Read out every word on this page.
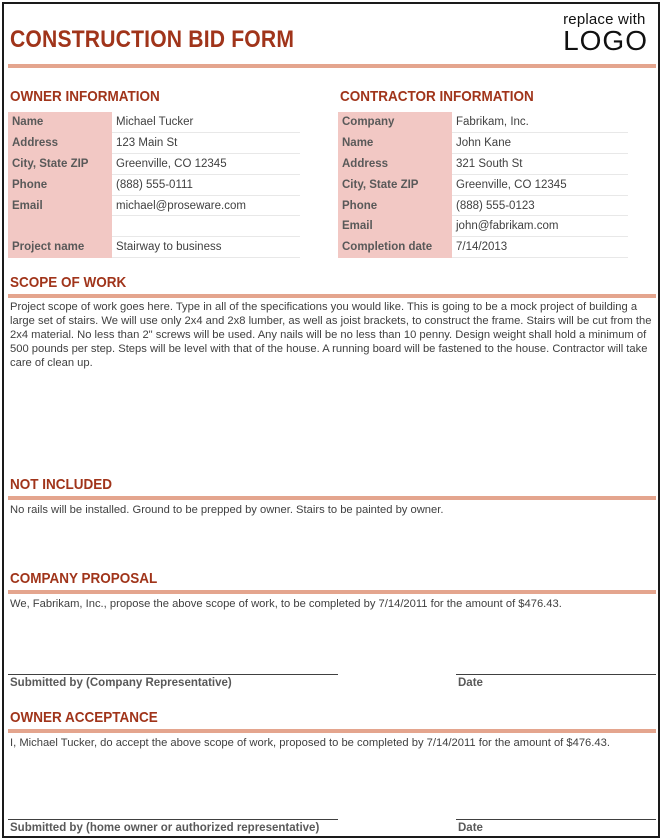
CONSTRUCTION BID FORM
replace with
LOGO
OWNER INFORMATION
Name	Michael Tucker
Address	123 Main St
City, State ZIP	Greenville, CO 12345
Phone	(888) 555-0111
Email	michael@proseware.com

Project name	Stairway to business
CONTRACTOR INFORMATION
Company	Fabrikam, Inc.
Name	John Kane
Address	321 South St
City, State ZIP	Greenville, CO 12345
Phone	(888) 555-0123
Email	john@fabrikam.com
Completion date	7/14/2013
SCOPE OF WORK
Project scope of work goes here. Type in all of the specifications you would like. This is going to be a mock project of building a large set of stairs. We will use only 2x4 and 2x8 lumber, as well as joist brackets, to construct the frame. Stairs will be cut from the 2x4 material. No less than 2" screws will be used. Any nails will be no less than 10 penny. Design weight shall hold a minimum of 500 pounds per step. Steps will be level with that of the house. A running board will be fastened to the house. Contractor will take care of clean up.
NOT INCLUDED
No rails will be installed. Ground to be prepped by owner. Stairs to be painted by owner.
COMPANY PROPOSAL
We, Fabrikam, Inc., propose the above scope of work, to be completed by 7/14/2011 for the amount of $476.43.
Submitted by (Company Representative)	Date
OWNER ACCEPTANCE
I, Michael Tucker, do accept the above scope of work, proposed to be completed by 7/14/2011 for the amount of $476.43.
Submitted by (home owner or authorized representative)	Date
